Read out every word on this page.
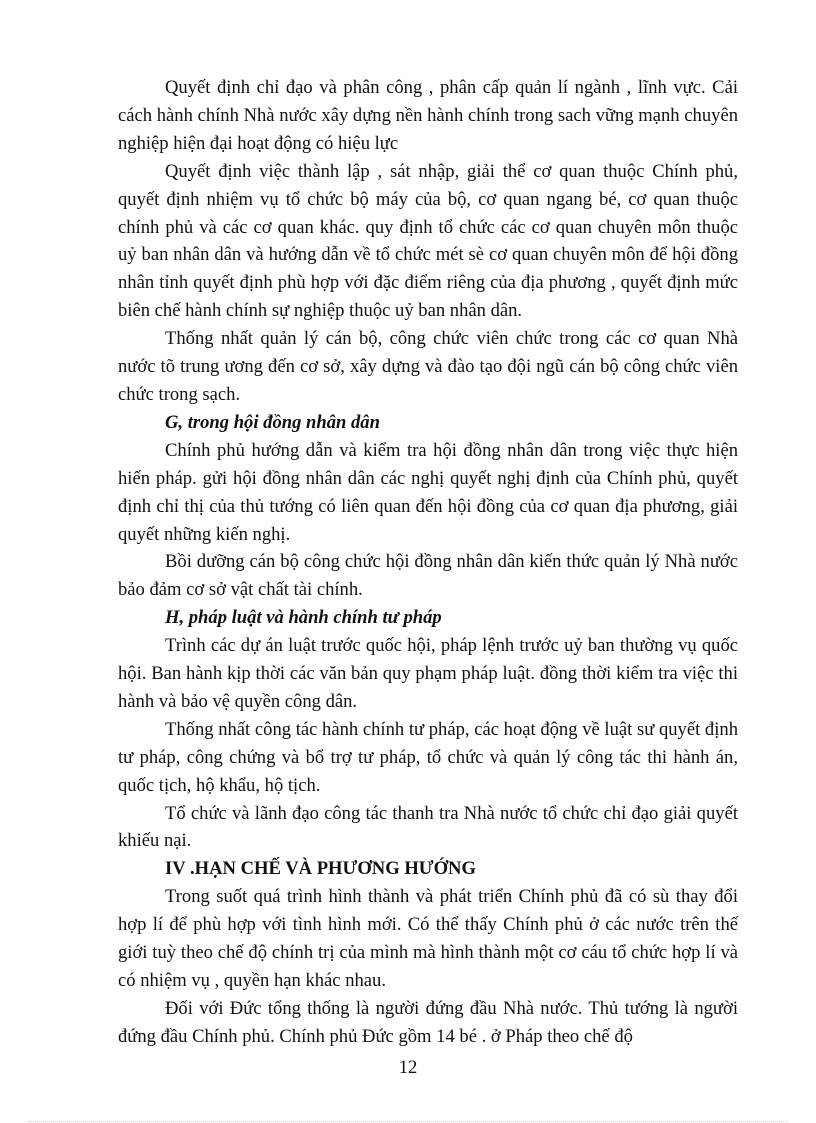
Quyết định chỉ đạo và phân công , phân cấp quản lí ngành , lĩnh vực. Cải cách hành chính Nhà nước xây dựng nền hành chính trong sach vững mạnh chuyên nghiệp hiện đại hoạt động có hiệu lực

Quyết định việc thành lập , sát nhập, giải thể cơ quan thuộc Chính phủ, quyết định nhiệm vụ tổ chức bộ máy của bộ, cơ quan ngang bé, cơ quan thuộc chính phủ và các cơ quan khác. quy định tổ chức các cơ quan chuyên môn thuộc uỷ ban nhân dân và hướng dẫn về tổ chức mét sè cơ quan chuyên môn để hội đồng nhân tỉnh quyết định phù hợp với đặc điểm riêng của địa phương , quyết định mức biên chế hành chính sự nghiệp thuộc uỷ ban nhân dân.

Thống nhất quản lý cán bộ, công chức viên chức trong các cơ quan Nhà nước tõ trung ương đến cơ sở, xây dựng và đào tạo đội ngũ cán bộ công chức viên chức trong sạch.

G, trong hội đồng nhân dân

Chính phủ hướng dẫn và kiểm tra hội đồng nhân dân trong việc thực hiện hiến pháp. gửi hội đồng nhân dân các nghị quyết nghị định của Chính phủ, quyết định chỉ thị của thủ tướng có liên quan đến hội đồng của cơ quan địa phương, giải quyết những kiến nghị.

Bồi dưỡng cán bộ công chức hội đồng nhân dân kiến thức quản lý Nhà nước bảo đảm cơ sở vật chất tài chính.

H, pháp luật và hành chính tư pháp

Trình các dự án luật trước quốc hội, pháp lệnh trước uỷ ban thường vụ quốc hội. Ban hành kịp thời các văn bản quy phạm pháp luật. đồng thời kiểm tra việc thi hành và bảo vệ quyền công dân.

Thống nhất công tác hành chính tư pháp, các hoạt động về luật sư quyết định tư pháp, công chứng và bổ trợ tư pháp, tổ chức và quản lý công tác thi hành án, quốc tịch, hộ khẩu, hộ tịch.

Tổ chức và lãnh đạo công tác thanh tra Nhà nước tổ chức chỉ đạo giải quyết khiếu nại.

IV .HẠN CHẾ VÀ PHƯƠNG HƯỚNG

Trong suốt quá trình hình thành và phát triển Chính phủ đã có sù thay đổi hợp lí để phù hợp với tình hình mới. Có thể thấy Chính phủ ở các nước trên thế giới tuỳ theo chế độ chính trị của mình mà hình thành một cơ cáu tổ chức hợp lí và có nhiệm vụ , quyền hạn khác nhau.

Đối với Đức tổng thống là người đứng đầu Nhà nước. Thủ tướng là người đứng đầu Chính phủ. Chính phủ Đức gồm 14 bé . ở Pháp theo chế độ

12
